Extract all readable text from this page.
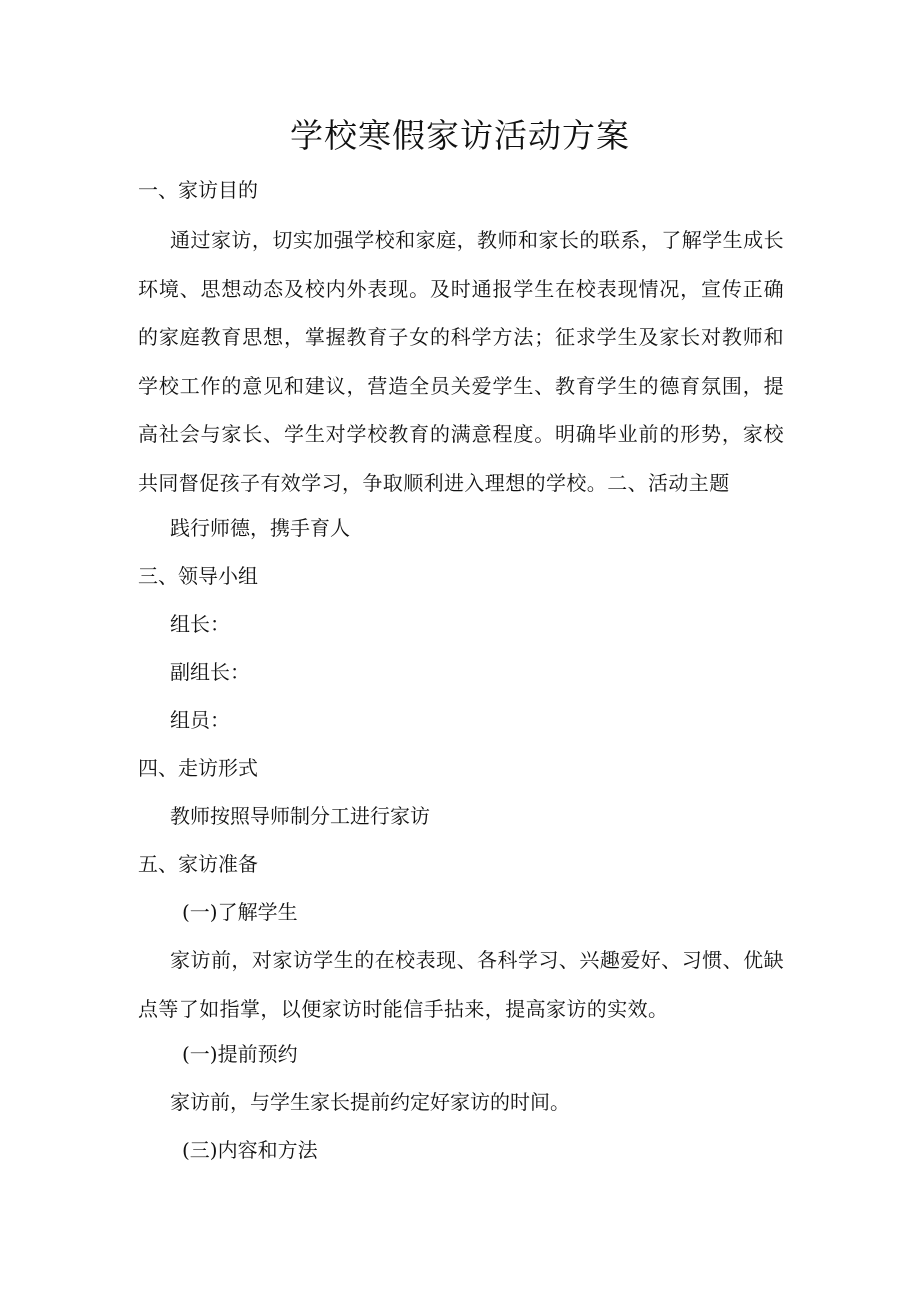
学校寒假家访活动方案

一、家访目的

通过家访，切实加强学校和家庭，教师和家长的联系，了解学生成长环境、思想动态及校内外表现。及时通报学生在校表现情况，宣传正确的家庭教育思想，掌握教育子女的科学方法；征求学生及家长对教师和学校工作的意见和建议，营造全员关爱学生、教育学生的德育氛围，提高社会与家长、学生对学校教育的满意程度。明确毕业前的形势，家校共同督促孩子有效学习，争取顺利进入理想的学校。二、活动主题

践行师德，携手育人

三、领导小组

组长：

副组长：

组员：

四、走访形式

教师按照导师制分工进行家访

五、家访准备

(一)了解学生

家访前，对家访学生的在校表现、各科学习、兴趣爱好、习惯、优缺点等了如指掌，以便家访时能信手拈来，提高家访的实效。

(一)提前预约

家访前，与学生家长提前约定好家访的时间。

(三)内容和方法
